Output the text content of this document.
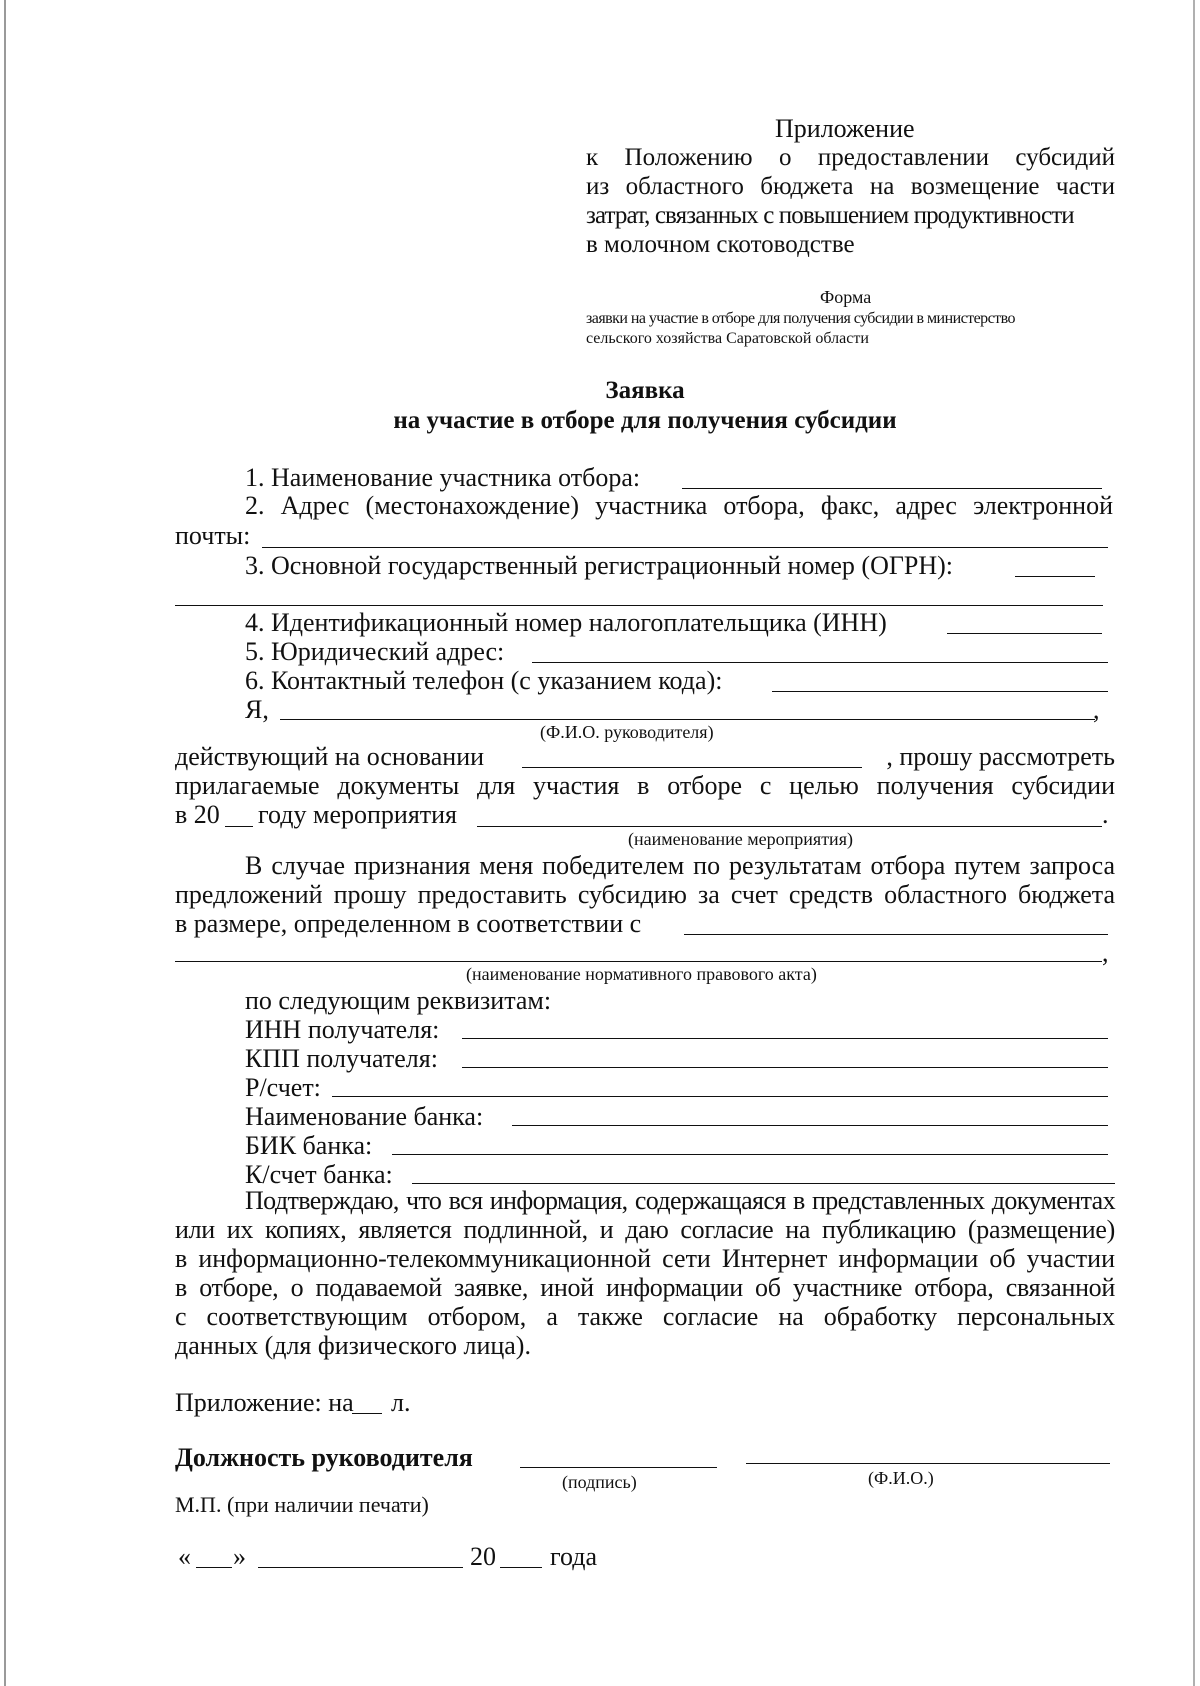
Приложение
к Положению о предоставлении субсидий
из областного бюджета на возмещение части
затрат, связанных с повышением продуктивности
в молочном скотоводстве
Форма
заявки на участие в отборе для получения субсидии в министерство
сельского хозяйства Саратовской области
Заявка
на участие в отборе для получения субсидии
1. Наименование участника отбора:
2. Адрес (местонахождение) участника отбора, факс, адрес электронной
почты:
3. Основной государственный регистрационный номер (ОГРН):
4. Идентификационный номер налогоплательщика (ИНН)
5. Юридический адрес:
6. Контактный телефон (с указанием кода):
Я,	,
(Ф.И.О. руководителя)
действующий на основании	, прошу рассмотреть
прилагаемые документы для участия в отборе с целью получения субсидии
в 20 году мероприятия	.
(наименование мероприятия)
В случае признания меня победителем по результатам отбора путем запроса
предложений прошу предоставить субсидию за счет средств областного бюджета
в размере, определенном в соответствии с
,
(наименование нормативного правового акта)
по следующим реквизитам:
ИНН получателя:
КПП получателя:
Р/счет:
Наименование банка:
БИК банка:
К/счет банка:
Подтверждаю, что вся информация, содержащаяся в представленных документах
или их копиях, является подлинной, и даю согласие на публикацию (размещение)
в информационно-телекоммуникационной сети Интернет информации об участии
в отборе, о подаваемой заявке, иной информации об участнике отбора, связанной
с соответствующим отбором, а также согласие на обработку персональных
данных (для физического лица).
Приложение: на л.
Должность руководителя
(подпись)	(Ф.И.О.)
М.П. (при наличии печати)
« »	20 года
